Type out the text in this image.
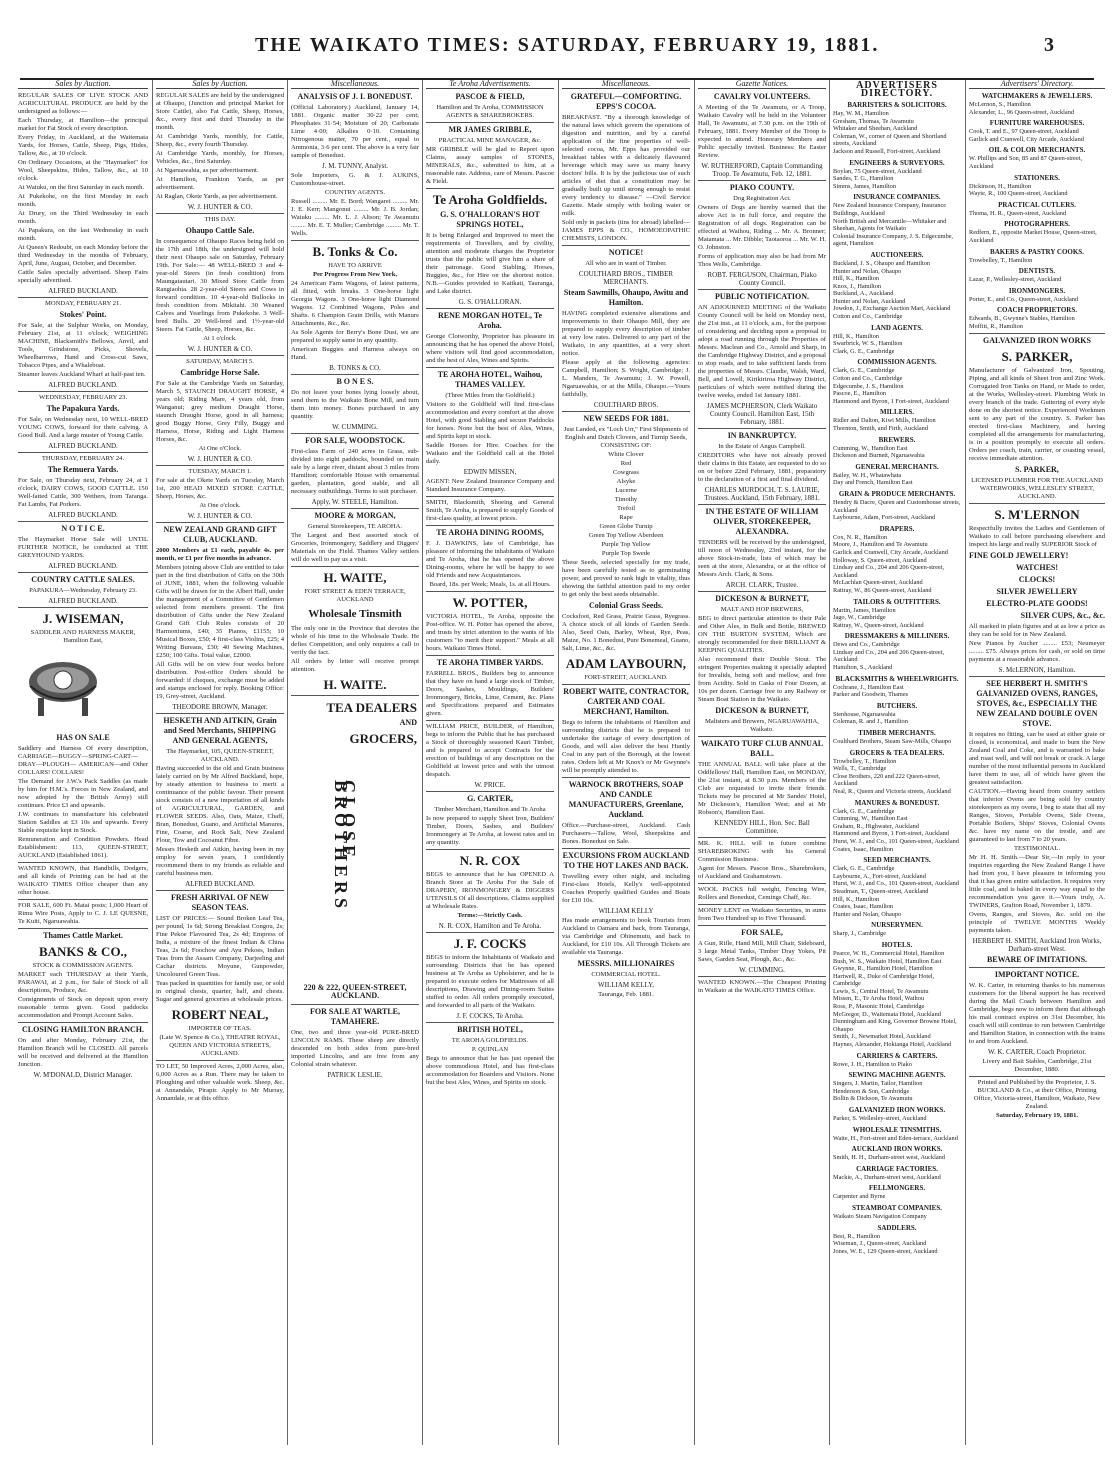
THE WAIKATO TIMES: SATURDAY, FEBRUARY 19, 1881.	3
Sales by Auction.
REGULAR SALES OF LIVE STOCK AND AGRICULTURAL PRODUCE are held by the undersigned as follows:—
Each Thursday, at Hamilton—the principal market for Fat Stock of every description.
Every Friday, in Auckland, at the Waitemata Yards, for Horses, Cattle, Sheep, Pigs, Hides, Tallow, &c., at 10 o'clock.
On Ordinary Occasions, at the "Haymarket" for Wool, Sheepskins, Hides, Tallow, &c., at 10 o'clock.
At Waiuku, on the first Saturday in each month.
At Pukekohe, on the first Monday in each month.
At Drury, on the Third Wednesday in each month.
At Papakura, on the last Wednesday in each month.
At Queen's Redoubt, on each Monday before the third Wednesday in the months of February, April, June, August, October, and December.
Cattle Sales specially advertised. Sheep Fairs specially advertised.
ALFRED BUCKLAND.
MONDAY, FEBRUARY 21.
Stokes' Point.
For Sale, at the Sulphur Works, on Monday, February 21st, at 11 o'clock, WEIGHING MACHINE, Blacksmith's Bellows, Anvil, and Tools, Grindstone, Picks, Shovels, Wheelbarrows, Hand and Cross-cut Saws, Tobacco Pipes, and a Whaleboat.
Steamer leaves Auckland Wharf at half-past ten.
ALFRED BUCKLAND.
WEDNESDAY, FEBRUARY 23.
The Papakura Yards.
For Sale, on Wednesday next, 10 WELL-BRED YOUNG COWS, forward for their calving. A Good Bull. And a large muster of Young Cattle.
ALFRED BUCKLAND.
THURSDAY, FEBRUARY 24.
The Remuera Yards.
For Sale, on Thursday next, February 24, at 1 o'clock, DAIRY COWS, GOOD CATTLE. 150 Well-fatted Cattle, 300 Wethers, from Taranga. Fat Lambs, Fat Porkers.
ALFRED BUCKLAND.
N O T I C E.
The Haymarket Horse Sale will UNTIL FURTHER NOTICE, be conducted at THE GREYHOUND YARDS.
ALFRED BUCKLAND.
COUNTRY CATTLE SALES.
PAPAKURA—Wednesday, February 23.
ALFRED BUCKLAND.
J. WISEMAN,
SADDLER AND HARNESS MAKER, Hamilton East,
HAS ON SALE
Saddlery and Harness Of every description, CARRIAGE—BUGGY—SPRING-CART—DRAY—PLOUGH— AMERICAN—and Other COLLARS! COLLARS!
The Demand for J.W.'s Pack Saddles (as made by him for H.M.'s. Forces in New Zealand, and now adopted by the British Army) still continues. Price £3 and upwards.
J.W. continues to manufacture his celebrated Station Saddles at £3 10s and upwards. Every Stable requisite kept in Stock.
Remuneration and Condition Powders. Head Establishment: 113, QUEEN-STREET, AUCKLAND (Established 1861).
WANTED KNOWN, that Handbills, Dodgers, and all kinds of Printing can be had at the WAIKATO TIMES Office cheaper than any other house.
FOR SALE, 600 Ft. Matai posts; 1,000 Heart of Rimu Wire Posts, Apply to C. J. LE QUESNE, Te Kuiti, Ngaruawahia.
Thames Cattle Market.
BANKS & CO.,
STOCK & COMMISSION AGENTS.
MARKET each THURSDAY at their Yards, PARAWAI, at 2 p.m., for Sale of Stock of all descriptions, Produce, &c.
Consignments of Stock on deposit upon every reasonable terms given. Good paddocks accommodation and Prompt Account Sales.
CLOSING HAMILTON BRANCH.
On and after Monday, February 21st, the Hamilton Branch will be CLOSED. All parcels will be received and delivered at the Hamilton Junction.
W. M'DONALD, District Manager.
Sales by Auction.
REGULAR SALES are held by the undersigned at Ohaupo, (Junction and principal Market for Store Cattle), also Fat Cattle, Sheep, Horses, &c., every first and third Thursday in the month.
At Cambridge Yards, monthly, for Cattle, Sheep, &c., every fourth Thursday.
At Cambridge Yards, monthly, for Horses, Vehicles, &c., first Saturday.
At Ngaruawahia, as per advertisement.
At Hamilton, Frankton Yards, as per advertisement.
At Raglan, Okete Yards, as per advertisement.
W. J. HUNTER & CO.
THIS DAY.
Ohaupo Cattle Sale.
In consequence of Ohaupo Races being held on the 17th and 18th, the undersigned will hold their next Ohaupo sale on Saturday, February 19th. For Sale:— 48 WELL-BRED 3 and 4-year-old Steers (in fresh condition) from Maungatautari. 30 Mixed Store Cattle from Rangiaohia. 28 2-year-old Steers and Cows in forward condition. 10 4-year-old Bullocks in fresh condition from Mikitahi. 30 Weaned Calves and Yearlings from Pukekohe. 3 Well-bred Bulls. 20 Well-bred and 1½-year-old Steers. Fat Cattle, Sheep, Horses, &c.
At 1 o'clock.
W. J. HUNTER & CO.
SATURDAY, MARCH 5.
Cambridge Horse Sale.
For Sale at the Cambridge Yards on Saturday, March 5, STAUNCH DRAUGHT HORSE, 4 years old; Riding Mare, 4 years old, from Wanganui; grey medium Draught Horse, staunch Draught Horse, good in all harness; good Buggy Horse, Grey Filly, Buggy and Harness, Horse, Riding and Light Harness Horses, &c.
At One o'Clock.
W. J. HUNTER & CO.
TUESDAY, MARCH 1.
For sale at the Okete Yards on Tuesday, March 1st, 200 HEAD MIXED STORE CATTLE, Sheep, Horses, &c.
At One o'clock.
W. J. HUNTER & CO.
NEW ZEALAND GRAND GIFT CLUB, AUCKLAND.
2000 Members at £1 each, payable 4s. per month, or £1 per five months in advance.
Members joining above Club are entitled to take part in the first distribution of Gifts on the 30th of JUNE, 1881, when the following valuable Gifts will be drawn for in the Albert Hall, under the management of a Committee of Gentlemen selected from members present. The first distribution of Gifts under the New Zealand Grand Gift Club Rules consists of 20 Harmoniums, £40; 35 Pianos, £1155; 10 Musical Boxes, £50; 4 first-class Violins, £25; 4 Writing Bureaus, £30; 40 Sewing Machines, £250; 100 Gifts. Total value, £2000.
All Gifts will be on view four weeks before distribution. Post-office Orders should be forwarded: if cheques, exchange must be added and stamps enclosed for reply. Booking Office: 19, Grey-street, Auckland.
THEODORE BROWN, Manager.
HESKETH AND AITKIN, Grain and Seed Merchants, SHIPPING AND GENERAL AGENTS,
The Haymarket, 105, QUEEN-STREET, AUCKLAND.
Having succeeded to the old and Grain business lately carried on by Mr Alfred Buckland, hope, by steady attention to business to merit a continuance of the public favour. Their present stock consists of a new importation of all kinds of AGRICULTURAL, GARDEN, and FLOWER SEEDS. Also, Oats, Maize, Chaff, Bran, Bonedust, Guano, and Artificial Manures, Fine, Coarse, and Rock Salt, New Zealand Flour, Tow and Cocoanut Fibre.
Messrs Hesketh and Aitkin, having been in my employ for seven years, I confidently recommend them to my friends as reliable and careful business men.
ALFRED BUCKLAND.
FRESH ARRIVAL OF NEW SEASON TEAS.
LIST OF PRICES:— Sound Broken Leaf Tea, per pound, 1s 6d; Strong Breakfast Congou, 2s; Fine Pekoe Flavoured Tea, 2s 4d; Empress of India, a mixture of the finest Indian & China Teas, 2s 6d; Foochow and Ayu Pekoes, Indian Teas from the Assam Company, Darjeeling and Cachar districts. Moyune, Gunpowder, Uncoloured Green Teas.
Teas packed in quantities for family use, or sold in original chests, quarter, half, and chests. Sugar and general groceries at wholesale prices.
ROBERT NEAL,
IMPORTER OF TEAS.
(Late W. Spence & Co.), THEATRE ROYAL, QUEEN AND VICTORIA STREETS, AUCKLAND.
TO LET, 50 Improved Acres, 2,000 Acres, also, 6,000 Acres as a Run. There may be taken to Ploughing and other valuable work. Sheep, &c. at Annandale, Pirapir. Apply to Mr Murray, Annandale, or at this office.
Miscellaneous.
ANALYSIS OF J. I. BONEDUST.
(Official Laboratory.) Auckland, January 14, 1881. Organic matter 30·22 per cent; Phosphates 31·54; Moisture of 20; Carbonate Lime 4·00; Alkalies 0·10. Containing Nitrogenous matter, 70 per cent., equal to Ammonia, 3·6 per cent. The above is a very fair sample of Bonedust.
J. M. TUNNY, Analyst.
Sole Importers, G. & J. AUKINS, Customhouse-street.
COUNTRY AGENTS.
Russell ......... Mr. E. Bord; Wangarei ......... Mr. J. E. Kerr; Mangonui ......... Mr. J. B. Jordan; Waiuku ......... Mr. L. J. Alison; Te Awamutu ......... Mr. E. T. Muller; Cambridge ......... Mr. T. Wells.
B. Tonks & Co.
HAVE TO ARRIVE
Per Progress From New York,
24 American Farm Wagons, of latest patterns, all fitted, with breaks. 3 One-horse light Georgia Wagons. 3 One-horse light Diamond Wagons. 12 Combined Wagons, Poles and Shafts. 6 Champion Grain Drills, with Manure Attachments, &c., &c.
As Sole Agents for Berry's Bone Dust, we are prepared to supply same in any quantity.
American Buggies and Harness always on Hand.
B. TONKS & CO.
B O N E S.
Do not leave your bones lying loosely about, send them to the Waikato Bone Mill, and turn them into money. Bones purchased in any quantity.
W. CUMMING.
FOR SALE, WOODSTOCK.
First-class Farm of 240 acres in Grass, sub-divided into eight paddocks, bounded on main sale by a large river, distant about 3 miles from Hamilton; comfortable House with ornamental garden, plantation, good stable, and all necessary outbuildings. Terms to suit purchaser.
Apply, W. STEELE, Hamilton.
MOORE & MORGAN,
General Storekeepers, TE AROHA.
The Largest and Best assorted stock of Groceries, Ironmongery, Saddlery and Diggers' Materials on the Field. Thames Valley settlers will do well to pay us a visit.
H. WAITE,
FORT STREET & EDEN TERRACE, AUCKLAND
Wholesale Tinsmith
The only one in the Province that devotes the whole of his time to the Wholesale Trade. He defies Competition, and only requires a call to verify the fact.
All orders by letter will receive prompt attention.
H. WAITE.
TEA DEALERS
AND
GROCERS,
CLOSE BROTHERS
220 & 222, QUEEN-STREET, AUCKLAND.
FOR SALE AT WARTLE, TAMAHERE.
One, two and three year-old PURE-BRED LINCOLN RAMS. These sheep are directly descended on both sides from pure-bred imported Lincolns, and are free from any Colonial strain whatever.
PATRICK LESLIE.
Te Aroha Advertisements.
PASCOE & FIELD,
Hamilton and Te Aroha, COMMISSION AGENTS & SHAREBROKERS.
MR JAMES GRIBBLE,
PRACTICAL MINE MANAGER, &c.
MR GRIBBLE will be glad to Report upon Claims, assay samples of STONES, MINERALS, &c., submitted to him, at a reasonable rate. Address, care of Messrs. Pascoe & Field.
Te Aroha Goldfields.
G. S. O'HALLORAN'S HOT SPRINGS HOTEL,
It is being Enlarged and Improved to meet the requirements of Travellers, and by civility, attention and moderate charges the Proprietor trusts that the public will give him a share of their patronage. Good Stabling, Horses, Buggies, &c., for Hire on the shortest notice. N.B.—Guides provided to Katikati, Tauranga, and Lake district.
G. S. O'HALLORAN.
RENE MORGAN HOTEL, Te Aroha.
George Clotworthy, Proprietor has pleasure in announcing that he has opened the above Hotel, where visitors will find good accommodation, and the best of Ales, Wines and Spirits.
TE AROHA HOTEL, Waihou, THAMES VALLEY.
(Three Miles from the Goldfield.)
Visitors to the Goldfield will find first-class accommodation and every comfort at the above Hotel, with good Stabling and secure Paddocks for horses. None but the best of Ales, Wines, and Spirits kept in stock.
Saddle Horses for Hire. Coaches for the Waikato and the Goldfield call at the Hotel daily.
EDWIN MISSEN,
AGENT: New Zealand Insurance Company and Standard Insurance Company.
SMITH, Blacksmith, Shoeing and General Smith, Te Aroha, is prepared to supply Goods of first-class quality, at lowest prices.
TE AROHA DINING ROOMS,
F. J. DAWKINS, late of Cambridge, has pleasure of informing the inhabitants of Waikato and Te Aroha, that he has opened the above Dining-rooms, where he will be happy to see old Friends and new Acquaintances.
Board, 18s. per Week; Meals, 1s. at all Hours.
W. POTTER,
VICTORIA HOTEL, Te Aroha, opposite the Post-office. W. H. Potter has opened the above, and trusts by strict attention to the wants of his customers "to merit their support." Meals at all hours. Waikato Times Hotel.
TE AROHA TIMBER YARDS.
FARRELL BROS., Builders beg to announce that they have on hand a large stock of Timber, Doors, Sashes, Mouldings, Builders' Ironmongery, Bricks, Lime, Cement, &c. Plans and Specifications prepared and Estimates given.
WILLIAM PRICE, BUILDER, of Hamilton, begs to inform the Public that he has purchased a Stock of thoroughly seasoned Kauri Timber, and is prepared to accept Contracts for the erection of buildings of any description on the Goldfield at lowest price and with the utmost despatch.
W. PRICE.
G. CARTER,
Timber Merchant, Hamilton and Te Aroha
Is now prepared to supply Sheet Iron, Builders' Timber, Doors, Sashes, and Builders' Ironmongery at Te Aroha, at lowest rates and in any quantity.
N. R. COX
BEGS to announce that he has OPENED A Branch Store at Te Aroha For the Sale of DRAPERY, IRONMONGERY & DIGGERS UTENSILS Of all descriptions. Claims supplied at Wholesale Rates.
Terms:—Strictly Cash.
N. R. COX, Hamilton and Te Aroha.
J. F. COCKS
BEGS to inform the Inhabitants of Waikato and surrounding Districts that he has opened business at Te Aroha as Upholsterer, and he is prepared to execute orders for Mattresses of all descriptions, Drawing and Dining-room Suites stuffed to order. All orders promptly executed, and forwarded to all parts of the Waikato.
J. F. COCKS, Te Aroha.
BRITISH HOTEL,
TE AROHA GOLDFIELDS.
P. QUINLAN
Begs to announce that he has just opened the above commodious Hotel, and has first-class accommodation for Boarders and Visitors. None but the best Ales, Wines, and Spirits on stock.
Miscellaneous.
GRATEFUL—COMFORTING. EPPS'S COCOA.
BREAKFAST. "By a thorough knowledge of the natural laws which govern the operations of digestion and nutrition, and by a careful application of the fine properties of well-selected cocoa, Mr. Epps has provided our breakfast tables with a delicately flavoured beverage which may save us many heavy doctors' bills. It is by the judicious use of such articles of diet that a constitution may be gradually built up until strong enough to resist every tendency to disease." —Civil Service Gazette. Made simply with boiling water or milk.
Sold only in packets (tins for abroad) labelled—JAMES EPPS & CO., HOMOEOPATHIC CHEMISTS, LONDON.
NOTICE!
All who are in want of Timber.
COULTHARD BROS., TIMBER MERCHANTS.
Steam Sawmills, Ohaupo, Awitu and Hamilton.
HAVING completed extensive alterations and improvements to their Ohaupo Mill, they are prepared to supply every description of timber at very low rates. Delivered to any part of the Waikato, in any quantities, at a very short notice.
Please apply at the following agencies: Campbell, Hamilton; S. Wright, Cambridge; J. L. Manders, Te Awamutu; J. W. Powell, Ngaruawahia, or at the Mills, Ohaupo.—Yours faithfully,
COULTHARD BROS.
NEW SEEDS FOR 1881.
Just Landed, ex "Loch Urr," First Shipments of English and Dutch Clovers, and Turnip Seeds, CONSISTING OF:
White Clover
Red
Cowgrass
Alsyke
Lucerne
Timothy
Trefoil
Rape
Green Globe Turnip
Green Top Yellow Aberdeen
Purple Top Yellow
Purple Top Swede
These Seeds, selected specially for my trade, have been carefully tested as to germinating power, and proved to rank high in vitality, thus showing the faithful attention paid to my order to get only the best seeds obtainable.
Colonial Grass Seeds.
Cocksfoot, Red Grass, Prairie Grass, Ryegrass. A choice stock of all kinds of Garden Seeds. Also, Seed Oats, Barley, Wheat, Rye, Peas, Maize, No. 1 Bonedust, Pure Bonemeal, Guano, Salt, Lime, &c., &c.
ADAM LAYBOURN,
FORT-STREET, AUCKLAND.
ROBERT WAITE, CONTRACTOR, CARTER AND COAL MERCHANT, Hamilton.
Begs to inform the inhabitants of Hamilton and surrounding districts that he is prepared to undertake the cartage of every description of Goods, and will also deliver the best Huntly Coal in any part of the Borough, at the lowest rates. Orders left at Mr Knox's or Mr Gwynne's will be promptly attended to.
WARNOCK BROTHERS, SOAP AND CANDLE MANUFACTURERS, Greenlane, Auckland.
Office.—Purchase-street, Auckland. Cash Purchasers—Tallow, Wool, Sheepskins and Bones. Bonedust on Sale.
EXCURSIONS FROM AUCKLAND TO THE HOT LAKES AND BACK.
Travelling every other night, and including First-class Hotels, Kelly's well-appointed Coaches Properly qualified Guides and Boats for £10 10s.
WILLIAM KELLY
Has made arrangements to book Tourists from Auckland to Oamaru and back, from Tauranga, via Cambridge and Ohinemutu, and back to Auckland, for £10 10s. All Through Tickets are available via Tauranga.
MESSRS. MILLIONAIRES
COMMERCIAL HOTEL.
WILLIAM KELLY,
Tauranga, Feb. 1881.
Gazette Notices.
CAVALRY VOLUNTEERS.
A Meeting of the Te Awamutu, or A Troop, Waikato Cavalry will be held in the Volunteer Hall, Te Awamutu, at 7.30 p.m. on the 19th of February, 1881. Every Member of the Troop is expected to attend. Honorary Members and Public specially invited. Business: Re Easter Review.
W. RUTHERFORD, Captain Commanding Troop. Te Awamutu, Feb. 12, 1881.
PIAKO COUNTY.
Dog Registration Act.
Owners of Dogs are hereby warned that the above Act is in full force, and require the Registration of all dogs. Registration can be effected at Waihou, Riding ... Mr. A. Bronner; Matamata ... Mr. Dibble; Taotaoroa ... Mr. W. H. O. Johnston.
Forms of application may also be had from Mr Thos Wells, Cambridge.
ROBT. FERGUSON, Chairman, Piako County Council.
PUBLIC NOTIFICATION.
AN ADJOURNED MEETING of the Waikato County Council will be held on Monday next, the 21st inst., at 11 o'clock, a.m., for the purpose of considering and deciding upon a proposal to adopt a road running through the Properties of Messrs. Maclean and Co., Arnold and Sharp, in the Cambridge Highway District, and a proposal to stop roads, and to take sufficient lands from the properties of Messrs. Claudie, Walsh, Ward, Bell, and Lovell, Kirikiriroa Highway District, particulars of which were notified during the twelve weeks, ended 1st January 1881.
JAMES MCPHERSON, Clerk Waikato County Council. Hamilton East, 15th February, 1881.
IN BANKRUPTCY.
In the Estate of Angus Campbell.
CREDITORS who have not already proved their claims in this Estate, are requested to do so on or before 22nd February, 1881, preparatory to the declaration of a first and final dividend.
CHARLES MURDOCH, T. S. LAURIE, Trustees. Auckland, 15th February, 1881.
IN THE ESTATE OF WILLIAM OLIVER, STOREKEEPER, ALEXANDRA.
TENDERS will be received by the undersigned, till noon of Wednesday, 23rd instant, for the above Stock-in-trade, lists of which may be seen at the store, Alexandra, or at the office of Messrs Arch. Clark, & Sons.
ARCH. CLARK, Trustee.
DICKESON & BURNETT,
MALT AND HOP BREWERS,
BEG to direct particular attention to their Pale and Other Ales, in Bulk and Bottle, BREWED ON THE BURTON SYSTEM, Which are strongly recommended for their BRILLIANT & KEEPING QUALITIES.
Also recommend their Double Stout. The stringent Properties making it specially adapted for Invalids, being soft and mellow, and free from Acidity. Sold in Casks of Four Dozen, at 10s per dozen. Carriage free to any Railway or Steam Boat Station in the Waikato.
DICKESON & BURNETT,
Maltsters and Brewers, NGARUAWAHIA, Waikato.
WAIKATO TURF CLUB ANNUAL BALL.
THE ANNUAL BALL will take place at the Oddfellows' Hall, Hamilton East, on MONDAY, the 21st instant, at 8.30 p.m. Members of the Club are requested to invite their friends. Tickets may be procured at Mr Sandes' Hotel, Mr Dickeson's, Hamilton West; and at Mr Robson's, Hamilton East.
KENNEDY HILL, Hon. Sec. Ball Committee.
MR. K. HILL will in future combine SHAREBROKING with his General Commission Business.
Agent for Messrs. Pascoe Bros., Sharebrokers, of Auckland and Grahamstown.
WOOL PACKS full weight, Fencing Wire, Rollers and Bonedust, Cemings Chaff, &c.
MONEY LENT on Waikato Securities, in sums from Two Hundred up to Five Thousand.
FOR SALE,
A Gun, Rifle, Hand Mill, Mill Chair, Sideboard, 3 large Metal Tanks, Timber Dray Yokes, Pit Saws, Garden Seat, Plough, &c., &c.
W. CUMMING.
WANTED KNOWN.—The Cheapest Printing in Waikato at the WAIKATO TIMES Office.
ADVERTISERS DIRECTORY.
BARRISTERS & SOLICITORS.
Hay, W. M., Hamilton
Gresham, Thomas, Te Awamutu
Whitaker and Sheehan, Auckland
Coleman, W., corner of Queen and Shortland streets, Auckland
Jackson and Russell, Fort-street, Auckland
ENGINEERS & SURVEYORS.
Boylan, 75 Queen-street, Auckland
Sandes, T. G., Hamilton
Simms, James, Hamilton
INSURANCE COMPANIES.
New Zealand Insurance Company, Insurance Buildings, Auckland
North British and Mercantile—Whitaker and Sheehan, Agents for Waikato
Colonial Insurance Company, J. S. Edgecumbe, agent, Hamilton
AUCTIONEERS.
Buckland, J. S., Ohaupo and Hamilton
Hunter and Nolan, Ohaupo
Hill, K., Hamilton
Knox, J., Hamilton
Buckland, A., Auckland
Hunter and Nolan, Auckland
Jowdon, J., Exchange Auction Mart, Auckland
Cotton and Co., Cambridge
LAND AGENTS.
Hill, K., Hamilton
Swarbrick, W. S., Hamilton
Clark, G. E., Cambridge
COMMISSION AGENTS.
Clark, G. E., Cambridge
Cotton and Co., Cambridge
Edgecumbe, J. S., Hamilton
Pascoe, E., Hamilton
Hammond and Byron, 1 Fort-street, Auckland
MILLERS.
Ridler and Dalton, Kiwi Mills, Hamilton
Thornton, Smith, and Firth, Auckland
BREWERS.
Cumming, W., Hamilton East
Dickeson and Burnett, Ngaruawahia
GENERAL MERCHANTS.
Bailey, W. H., Whatawhata
Day and French, Hamilton East
GRAIN & PRODUCE MERCHANTS.
Hendry & Dacre, Queen and Customhouse streets, Auckland
Laybourne, Adam, Fort-street, Auckland
DRAPERS.
Cox, N. R., Hamilton
Moore, J., Hamilton and Te Awamutu
Garlick and Cranwell, City Arcade, Auckland
Holloway, S. Queen-street, Auckland
Lindsay and Co., 204 and 206 Queen-street, Auckland
McLachlan Queen-street, Auckland
Rattray, W., 86 Queen-street, Auckland
TAILORS & OUTFITTERS.
Martin, James, Hamilton
Jago, W., Cambridge
Rattray, W., Queen-street, Auckland
DRESSMAKERS & MILLINERS.
Dews and Co., Cambridge
Lindsay and Co., 204 and 206 Queen-street, Auckland
Hamilton, S., Auckland
BLACKSMITHS & WHEELWRIGHTS.
Cochrane, J., Hamilton East
Parker and Goodwin, Thames
BUTCHERS.
Stenhouse, Ngaruawahia
Coleman, R. and J., Hamilton
TIMBER MERCHANTS.
Coulthard Brothers, Steam Saw-Mills, Ohaupo
GROCERS & TEA DEALERS.
Trowbelley, T., Hamilton
Wells, T., Cambridge
Close Brothers, 220 and 222 Queen-street, Auckland
Neal, R., Queen and Victoria streets, Auckland
MANURES & BONEDUST.
Clark, G. E., Cambridge
Cumming, W., Hamilton East
Graham, R., Highwater, Auckland
Hammond and Byron, 1 Fort-street, Auckland
Hurst, W. J., and Co., 101 Queen-street, Auckland
Coates, Isaac, Hamilton
SEED MERCHANTS.
Clark, G. E., Cambridge
Laybourne, A., Fort-street, Auckland
Hurst, W. J., and Co., 101 Queen-street, Auckland
Steadman, T., Queen-street, Auckland
Hill, K., Hamilton
Coates, Isaac, Hamilton
Hunter and Nolan, Ohaupo
NURSERYMEN.
Sharp, J., Cambridge
HOTELS.
Pearce, W. H., Commercial Hotel, Hamilton
Bush, W. S., Waikato Hotel, Hamilton East
Gwynne, R., Hamilton Hotel, Hamilton
Hartwell, R., Duke of Cambridge Hotel, Cambridge
Lewis, S., Central Hotel, Te Awamutu
Missen, E., Te Aroha Hotel, Waihou
Ross, P., Masonic Hotel, Cambridge
McGregor, D., Waitemata Hotel, Auckland
Dunningham and King, Governor Browne Hotel, Ohaupo
Smith, J., Newmarket Hotel, Auckland
Haynes, Alexander, Hokianga Hotel, Auckland
CARRIERS & CARTERS.
Rowe, J. H., Hamilton to Piako
SEWING MACHINE AGENTS.
Singers, J. Martin, Tailor, Hamilton
Henderson & Son, Cambridge
Bollin & Dickson, Te Awamutu
GALVANIZED IRON WORKS.
Parker, S. Wellesley-street, Auckland
WHOLESALE TINSMITHS.
Waite, H., Fort-street and Eden-terrace, Auckland
AUCKLAND IRON WORKS.
Smith, H. H., Durham-street west, Auckland
CARRIAGE FACTORIES.
Mackie, A., Durham-street west, Auckland
FELLMONGERS.
Carpenter and Byrne
STEAMBOAT COMPANIES.
Waikato Steam Navigation Company
SADDLERS.
Best, R., Hamilton
Wiseman, J., Queen-street, Auckland
Jones, W. E., 129 Queen-street, Auckland
Advertisers' Directory.
WATCHMAKERS & JEWELLERS.
McLernon, S., Hamilton
Alexander, L., 96 Queen-street, Auckland
FURNITURE WAREHOUSES.
Cook, T. and E., 97 Queen-street, Auckland
Garlick and Cranwell, City Arcade, Auckland
OIL & COLOR MERCHANTS.
W. Phillips and Son, 85 and 87 Queen-street, Auckland
STATIONERS.
Dickinson, H., Hamilton
Wayte, R., 100 Queen-street, Auckland
PRACTICAL CUTLERS.
Thoma, H. R., Queen-street, Auckland
PHOTOGRAPHERS.
Redfern, E., opposite Market House, Queen-street, Auckland
BAKERS & PASTRY COOKS.
Trowbelley, T., Hamilton
DENTISTS.
Lazar, P., Wellesley-street, Auckland
IRONMONGERS.
Porter, E., and Co., Queen-street, Auckland
COACH PROPRIETORS.
Edwards, B., Gwynne's Stables, Hamilton
Moffitt, R., Hamilton
GALVANIZED IRON WORKS
S. PARKER,
Manufacturer of Galvanized Iron, Spouting, Piping, and all kinds of Sheet Iron and Zinc Work. Corrugated Iron Tanks on Hand, or Made to order, at the Works, Wellesley-street. Plumbing Work in every branch of the trade. Guttering of every style done on the shortest notice. Experienced Workmen sent to any part of the country. S. Parker has erected first-class Machinery, and having completed all the arrangements for manufacturing, is in a position promptly to execute all orders. Orders per coach, train, carrier, or coasting vessel, receive immediate attention.
S. PARKER,
LICENSED PLUMBER FOR THE AUCKLAND WATERWORKS, WELLESLEY STREET, AUCKLAND.
S. M'LERNON
Respectfully invites the Ladies and Gentlemen of Waikato to call before purchasing elsewhere and inspect his large and really SUPERIOR Stock of
FINE GOLD JEWELLERY!
WATCHES!
CLOCKS!
SILVER JEWELLERY
ELECTRO-PLATE GOODS!
SILVER CUPS, &c., &c.
All marked in plain figures and at as low a price as they can be sold for in New Zealand.
New Pianos by Aucher ......... £53; Neumeyer ......... £75. Always prices for cash, or sold on time payments at a reasonable advance.
S. McLERNON, Hamilton.
SEE HERBERT H. SMITH'S GALVANIZED OVENS, RANGES, STOVES, &c., ESPECIALLY THE NEW ZEALAND DOUBLE OVEN STOVE.
It requires no fitting, can be used at either grate or closed, is economical, and made to burn the New Zealand Coal and Coke, and is warranted to bake and roast well, and will not break or crack. A large number of the most influential persons in Auckland have them in use, all of which have given the greatest satisfaction.
CAUTION.—Having heard from country settlers that inferior Ovens are being sold by country storekeepers as my ovens, I beg to state that all my Ranges, Stoves, Portable Ovens, Side Ovens, Portable Boilers, Ships' Stoves, Colonial Ovens &c. have my name on the trestle, and are guaranteed to last from 7 to 20 years.
TESTIMONIAL.
Mr H. H. Smith.—Dear Sir,—In reply to your inquiries regarding the New Zealand Range I have had from you, I have pleasure in informing you that it has given entire satisfaction. It requires very little coal, and is baked in every way equal to the recommendation you gave it.—Yours truly, A. TWINERS, Grafton Road, November 1, 1879.
Ovens, Ranges, and Stoves, &c. sold on the principle of TWELVE MONTHS Weekly payments taken.
HERBERT H. SMITH, Auckland Iron Works, Durham-street West.
BEWARE OF IMITATIONS.
IMPORTANT NOTICE.
W. K. Carter, in returning thanks to his numerous customers for the liberal support he has received during the Mail Coach between Hamilton and Cambridge, begs now to inform them that although his mail contract expires on 31st December, his coach will still continue to run between Cambridge and Hamilton Station, in connection with the trains to and from Auckland.
W. K. CARTER, Coach Proprietor.
Livery and Bait Stables, Cambridge, 21st December, 1880.
Printed and Published by the Proprietor, J. S. BUCKLAND & Co., at their Office, Printing Office, Victoria-street, Hamilton, Waikato, New Zealand.
Saturday, February 19, 1881.
